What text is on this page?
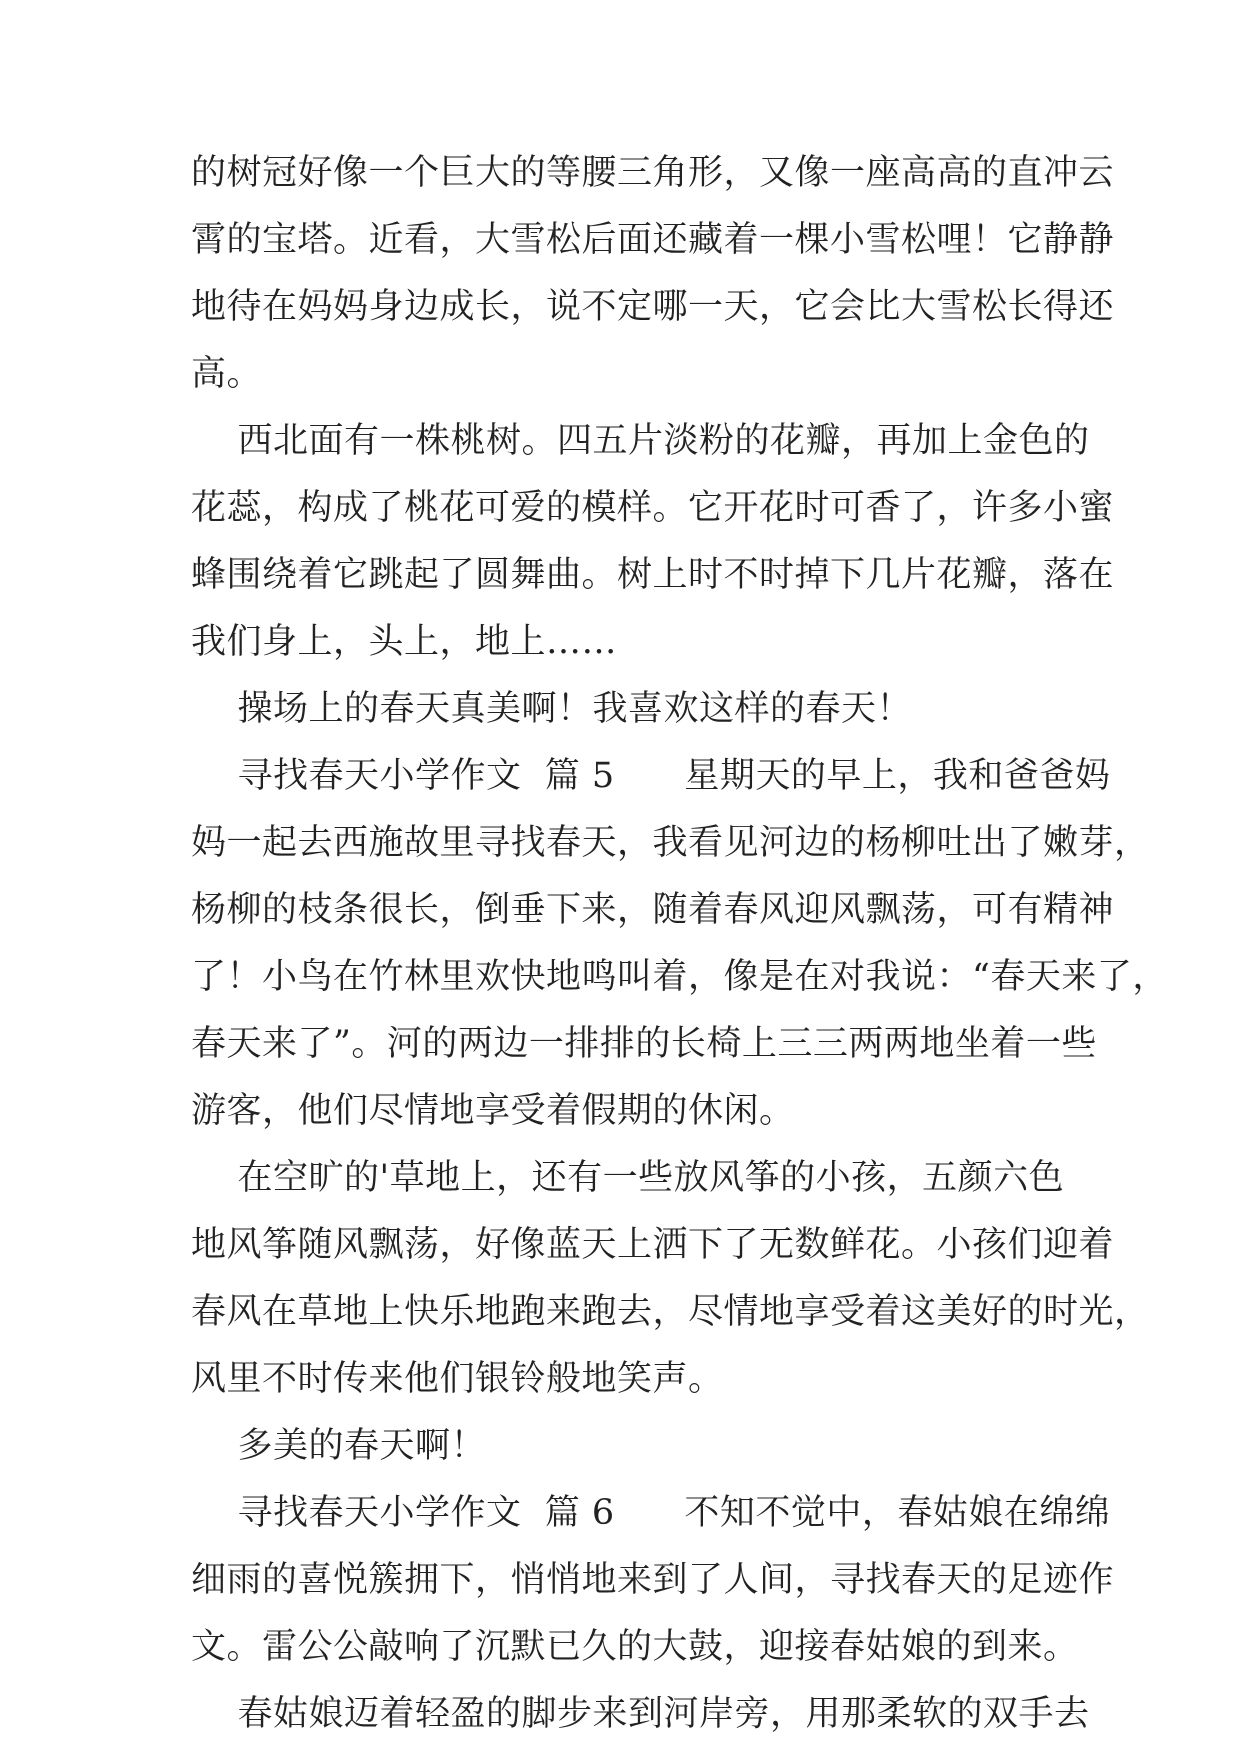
的树冠好像一个巨大的等腰三角形，又像一座高高的直冲云
霄的宝塔。近看，大雪松后面还藏着一棵小雪松哩！它静静
地待在妈妈身边成长，说不定哪一天，它会比大雪松长得还
高。
西北面有一株桃树。四五片淡粉的花瓣，再加上金色的
花蕊，构成了桃花可爱的模样。它开花时可香了，许多小蜜
蜂围绕着它跳起了圆舞曲。树上时不时掉下几片花瓣，落在
我们身上，头上，地上……
操场上的春天真美啊！我喜欢这样的春天！
寻找春天小学作文  篇 5      星期天的早上，我和爸爸妈
妈一起去西施故里寻找春天，我看见河边的杨柳吐出了嫩芽，
杨柳的枝条很长，倒垂下来，随着春风迎风飘荡，可有精神
了！小鸟在竹林里欢快地鸣叫着，像是在对我说：“春天来了，
春天来了”。河的两边一排排的长椅上三三两两地坐着一些
游客，他们尽情地享受着假期的休闲。
在空旷的'草地上，还有一些放风筝的小孩，五颜六色
地风筝随风飘荡，好像蓝天上洒下了无数鲜花。小孩们迎着
春风在草地上快乐地跑来跑去，尽情地享受着这美好的时光，
风里不时传来他们银铃般地笑声。
多美的春天啊！
寻找春天小学作文  篇 6      不知不觉中，春姑娘在绵绵
细雨的喜悦簇拥下，悄悄地来到了人间，寻找春天的足迹作
文。雷公公敲响了沉默已久的大鼓，迎接春姑娘的到来。
春姑娘迈着轻盈的脚步来到河岸旁，用那柔软的双手去
